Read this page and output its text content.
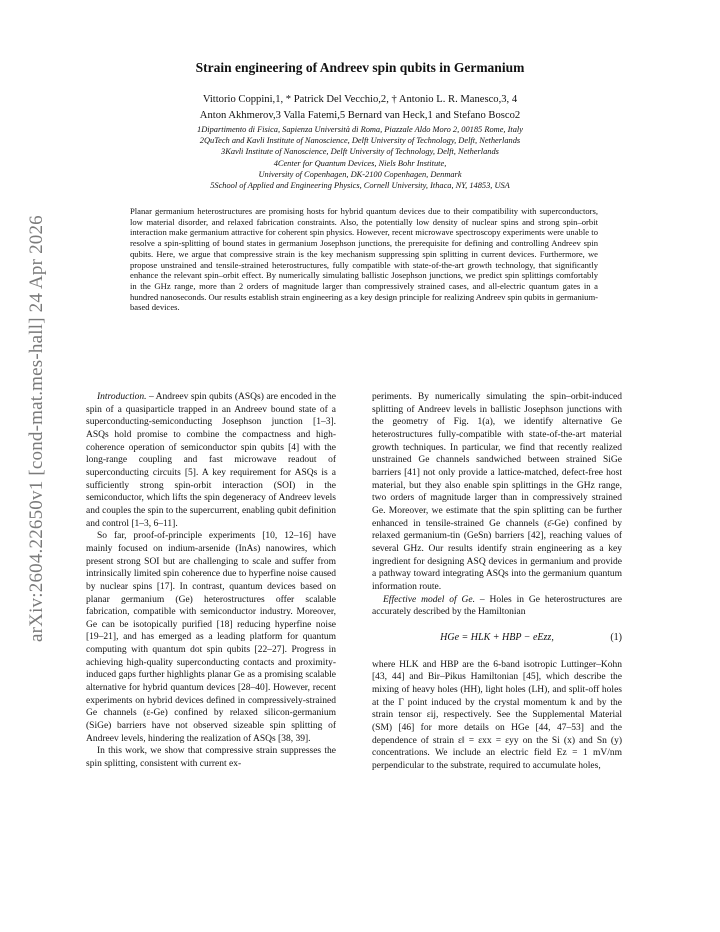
arXiv:2604.22650v1 [cond-mat.mes-hall] 24 Apr 2026
Strain engineering of Andreev spin qubits in Germanium
Vittorio Coppini,1, * Patrick Del Vecchio,2, † Antonio L. R. Manesco,3, 4
Anton Akhmerov,3 Valla Fatemi,5 Bernard van Heck,1 and Stefano Bosco2
1Dipartimento di Fisica, Sapienza Università di Roma, Piazzale Aldo Moro 2, 00185 Rome, Italy
2QuTech and Kavli Institute of Nanoscience, Delft University of Technology, Delft, Netherlands
3Kavli Institute of Nanoscience, Delft University of Technology, Delft, Netherlands
4Center for Quantum Devices, Niels Bohr Institute,
University of Copenhagen, DK-2100 Copenhagen, Denmark
5School of Applied and Engineering Physics, Cornell University, Ithaca, NY, 14853, USA
Planar germanium heterostructures are promising hosts for hybrid quantum devices due to their compatibility with superconductors, low material disorder, and relaxed fabrication constraints. Also, the potentially low density of nuclear spins and strong spin–orbit interaction make germanium attractive for coherent spin physics. However, recent microwave spectroscopy experiments were unable to resolve a spin-splitting of bound states in germanium Josephson junctions, the prerequisite for defining and controlling Andreev spin qubits. Here, we argue that compressive strain is the key mechanism suppressing spin splitting in current devices. Furthermore, we propose unstrained and tensile-strained heterostructures, fully compatible with state-of-the-art growth technology, that significantly enhance the relevant spin–orbit effect. By numerically simulating ballistic Josephson junctions, we predict spin splittings comfortably in the GHz range, more than 2 orders of magnitude larger than compressively strained cases, and all-electric quantum gates in a hundred nanoseconds. Our results establish strain engineering as a key design principle for realizing Andreev spin qubits in germanium-based devices.

Introduction. – Andreev spin qubits (ASQs) are encoded in the spin of a quasiparticle trapped in an Andreev bound state of a superconducting-semiconducting Josephson junction [1–3]. ASQs hold promise to combine the compactness and high-coherence operation of semiconductor spin qubits [4] with the long-range coupling and fast microwave readout of superconducting circuits [5]. A key requirement for ASQs is a sufficiently strong spin-orbit interaction (SOI) in the semiconductor, which lifts the spin degeneracy of Andreev levels and couples the spin to the supercurrent, enabling qubit definition and control [1–3, 6–11].

So far, proof-of-principle experiments [10, 12–16] have mainly focused on indium-arsenide (InAs) nanowires, which present strong SOI but are challenging to scale and suffer from intrinsically limited spin coherence due to hyperfine noise caused by nuclear spins [17]. In contrast, quantum devices based on planar germanium (Ge) heterostructures offer scalable fabrication, compatible with semiconductor industry. Moreover, Ge can be isotopically purified [18] reducing hyperfine noise [19–21], and has emerged as a leading platform for quantum computing with quantum dot spin qubits [22–27]. Progress in achieving high-quality superconducting contacts and proximity-induced gaps further highlights planar Ge as a promising scalable alternative for hybrid quantum devices [28–40]. However, recent experiments on hybrid devices defined in compressively-strained Ge channels (ε-Ge) confined by relaxed silicon-germanium (SiGe) barriers have not observed sizeable spin splitting of Andreev levels, hindering the realization of ASQs [38, 39].

In this work, we show that compressive strain suppresses the spin splitting, consistent with current ex-

periments. By numerically simulating the spin–orbit-induced splitting of Andreev levels in ballistic Josephson junctions with the geometry of Fig. 1(a), we identify alternative Ge heterostructures fully-compatible with state-of-the-art material growth techniques. In particular, we find that recently realized unstrained Ge channels sandwiched between strained SiGe barriers [41] not only provide a lattice-matched, defect-free host material, but they also enable spin splittings in the GHz range, two orders of magnitude larger than in compressively strained Ge. Moreover, we estimate that the spin splitting can be further enhanced in tensile-strained Ge channels (ε̄-Ge) confined by relaxed germanium-tin (GeSn) barriers [42], reaching values of several GHz. Our results identify strain engineering as a key ingredient for designing ASQ devices in germanium and provide a pathway toward integrating ASQs into the germanium quantum information route.

Effective model of Ge. – Holes in Ge heterostructures are accurately described by the Hamiltonian

HGe = HLK + HBP − eEzz,	(1)

where HLK and HBP are the 6-band isotropic Luttinger–Kohn [43, 44] and Bir–Pikus Hamiltonian [45], which describe the mixing of heavy holes (HH), light holes (LH), and split-off holes at the Γ point induced by the crystal momentum k and by the strain tensor εij, respectively. See the Supplemental Material (SM) [46] for more details on HGe [44, 47–53] and the dependence of strain ε‖ = εxx = εyy on the Si (x) and Sn (y) concentrations. We include an electric field Ez = 1 mV/nm perpendicular to the substrate, required to accumulate holes,
